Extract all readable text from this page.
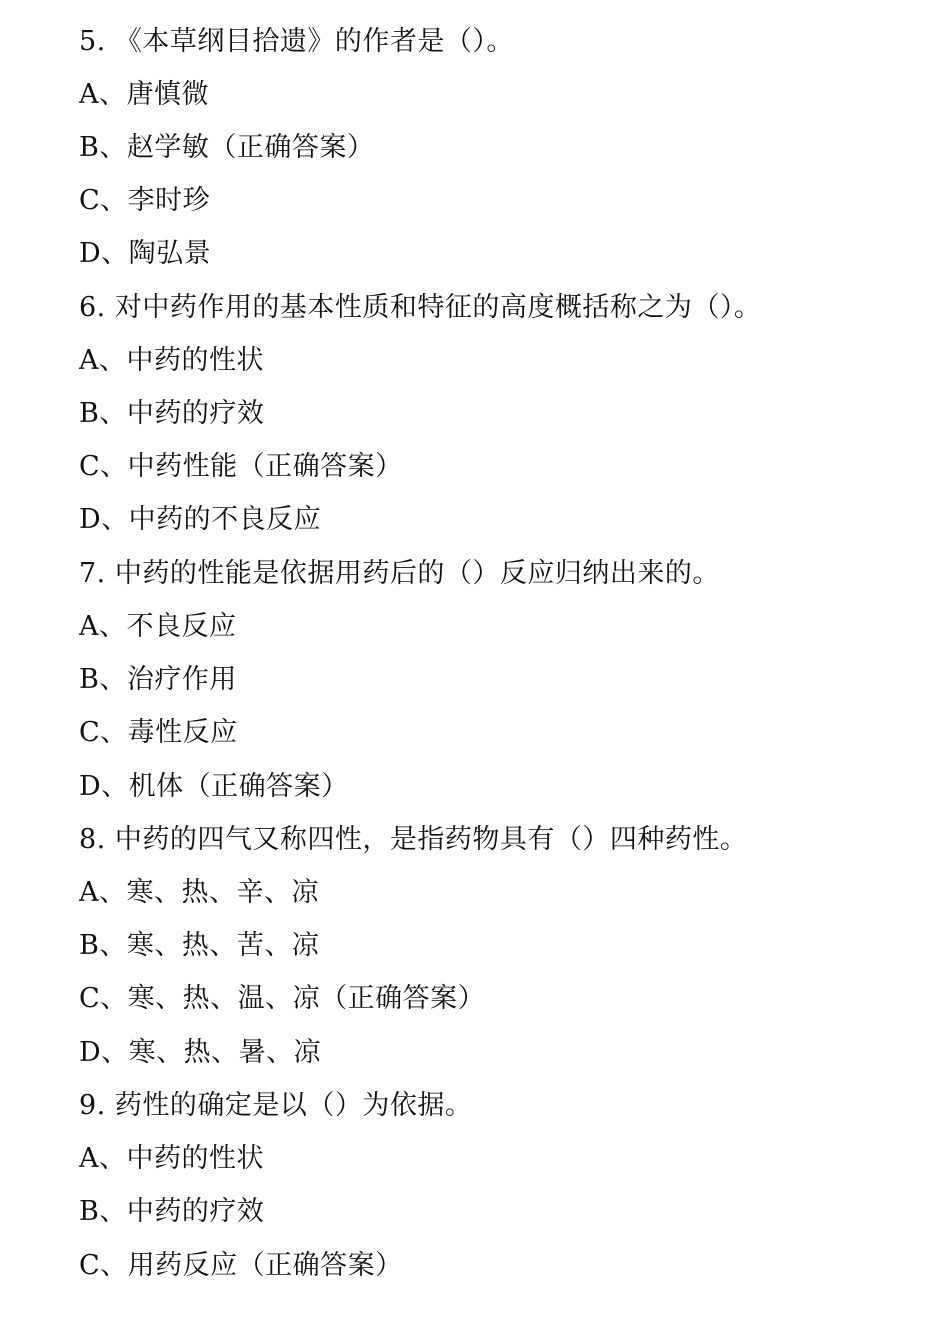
5. 《本草纲目拾遗》的作者是（）。
A、唐慎微
B、赵学敏（正确答案）
C、李时珍
D、陶弘景
6. 对中药作用的基本性质和特征的高度概括称之为（）。
A、中药的性状
B、中药的疗效
C、中药性能（正确答案）
D、中药的不良反应
7. 中药的性能是依据用药后的（）反应归纳出来的。
A、不良反应
B、治疗作用
C、毒性反应
D、机体（正确答案）
8. 中药的四气又称四性，是指药物具有（）四种药性。
A、寒、热、辛、凉
B、寒、热、苦、凉
C、寒、热、温、凉（正确答案）
D、寒、热、暑、凉
9. 药性的确定是以（）为依据。
A、中药的性状
B、中药的疗效
C、用药反应（正确答案）
